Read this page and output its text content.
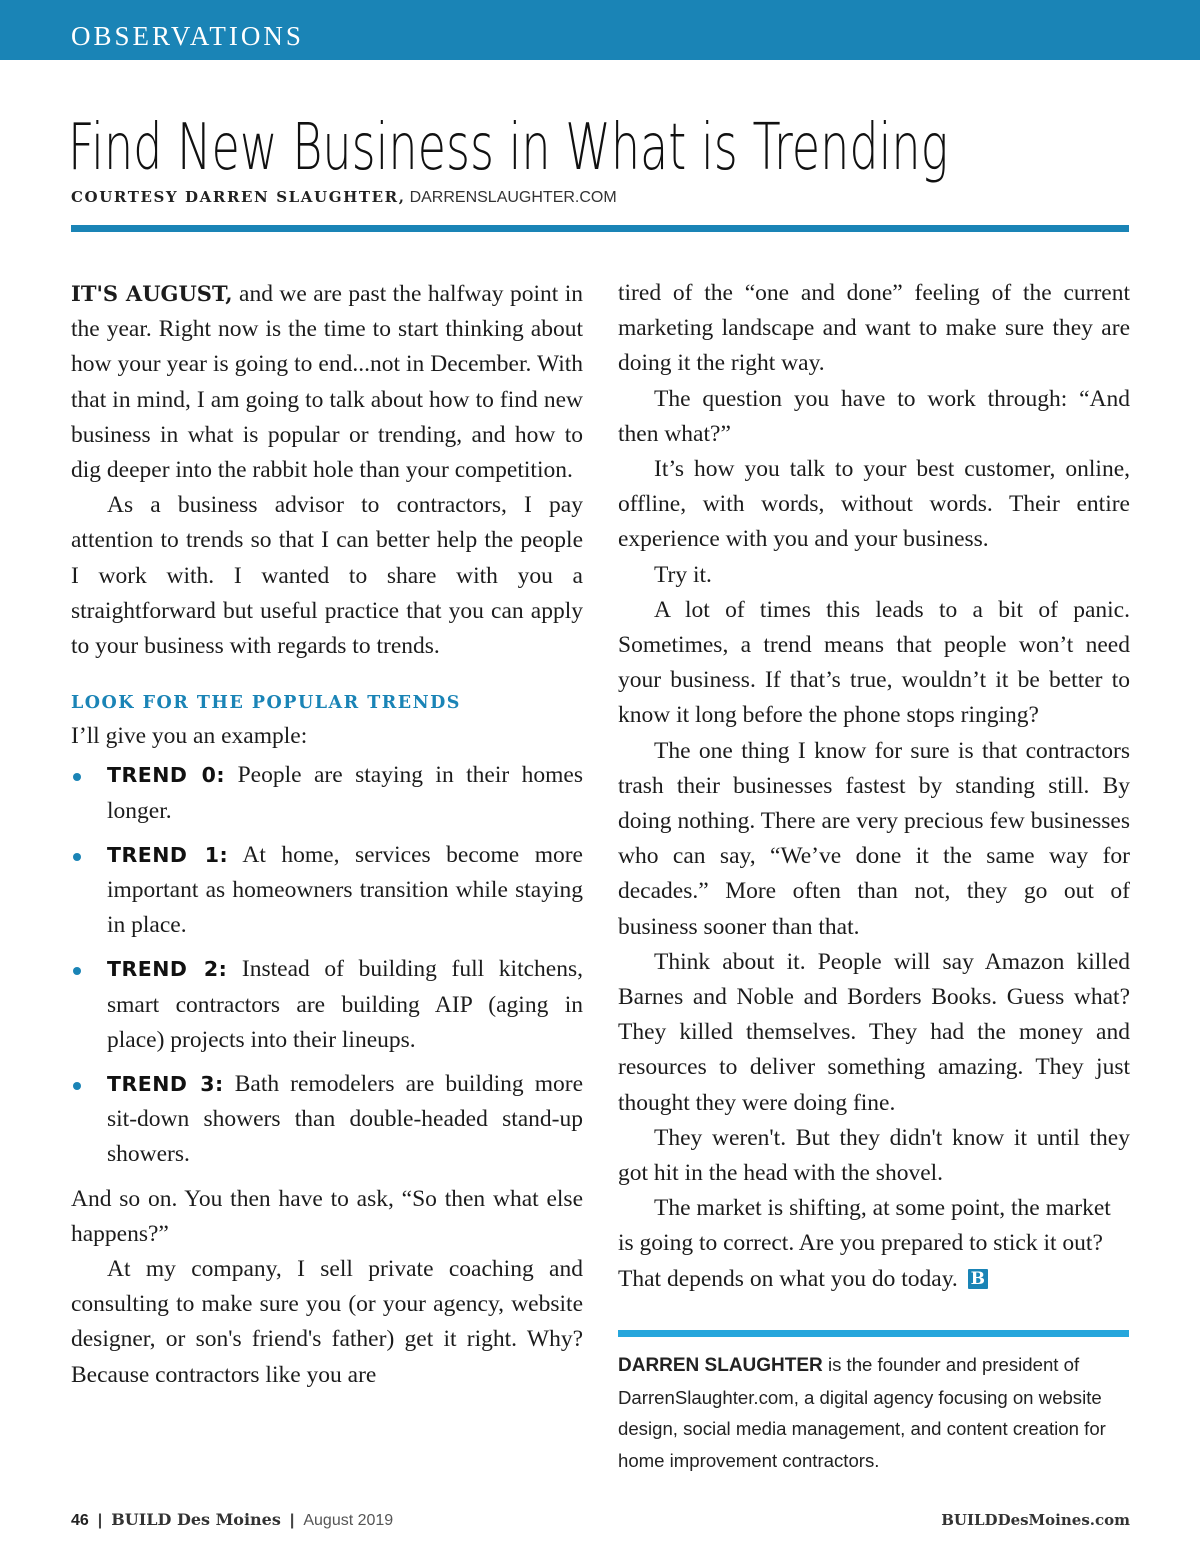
OBSERVATIONS
Find New Business in What is Trending
COURTESY DARREN SLAUGHTER, DARRENSLAUGHTER.COM

IT'S AUGUST, and we are past the halfway point in the year. Right now is the time to start thinking about how your year is going to end...not in December. With that in mind, I am going to talk about how to find new business in what is popular or trending, and how to dig deeper into the rabbit hole than your competition.

As a business advisor to contractors, I pay attention to trends so that I can better help the people I work with. I wanted to share with you a straightforward but useful practice that you can apply to your business with regards to trends.

LOOK FOR THE POPULAR TRENDS

I’ll give you an example:

TREND 0: People are staying in their homes longer.
TREND 1: At home, services become more important as homeowners transition while staying in place.
TREND 2: Instead of building full kitchens, smart contractors are building AIP (aging in place) projects into their lineups.
TREND 3: Bath remodelers are building more sit-down showers than double-headed stand-up showers.

And so on. You then have to ask, “So then what else happens?”

At my company, I sell private coaching and consulting to make sure you (or your agency, website designer, or son's friend's father) get it right. Why? Because contractors like you are

tired of the “one and done” feeling of the current marketing landscape and want to make sure they are doing it the right way.

The question you have to work through: “And then what?”

It’s how you talk to your best customer, online, offline, with words, without words. Their entire experience with you and your business.

Try it.

A lot of times this leads to a bit of panic. Sometimes, a trend means that people won’t need your business. If that’s true, wouldn’t it be better to know it long before the phone stops ringing?

The one thing I know for sure is that contractors trash their businesses fastest by standing still. By doing nothing. There are very precious few businesses who can say, “We’ve done it the same way for decades.” More often than not, they go out of business sooner than that.

Think about it. People will say Amazon killed Barnes and Noble and Borders Books. Guess what? They killed themselves. They had the money and resources to deliver something amazing. They just thought they were doing fine.

They weren't. But they didn't know it until they got hit in the head with the shovel.

The market is shifting, at some point, the market is going to correct. Are you prepared to stick it out? That depends on what you do today. B

DARREN SLAUGHTER is the founder and president of DarrenSlaughter.com, a digital agency focusing on website design, social media management, and content creation for home improvement contractors.
46 | BUILD Des Moines | August 2019	BUILDDesMoines.com
